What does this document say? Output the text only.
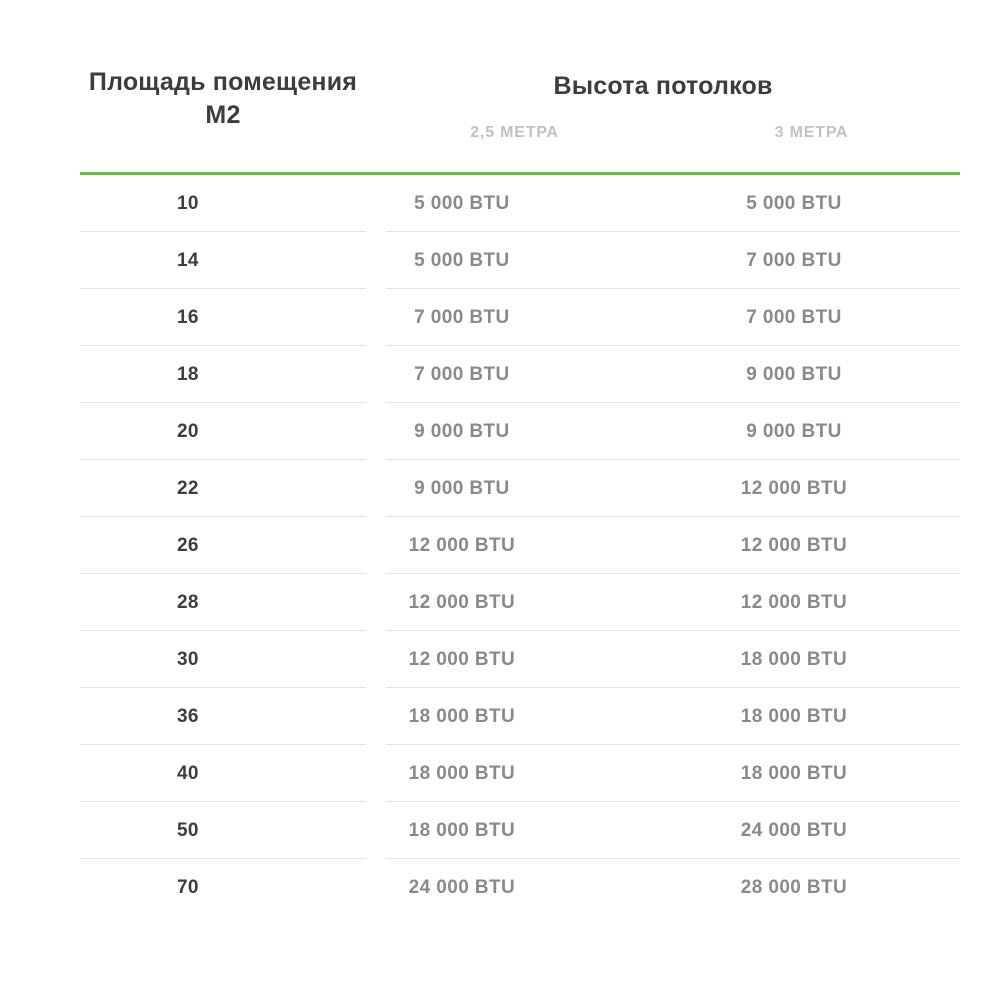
Площадь помещения М2
Высота потолков
2,5 МЕТРА	3 МЕТРА
10	5 000 BTU	5 000 BTU
14	5 000 BTU	7 000 BTU
16	7 000 BTU	7 000 BTU
18	7 000 BTU	9 000 BTU
20	9 000 BTU	9 000 BTU
22	9 000 BTU	12 000 BTU
26	12 000 BTU	12 000 BTU
28	12 000 BTU	12 000 BTU
30	12 000 BTU	18 000 BTU
36	18 000 BTU	18 000 BTU
40	18 000 BTU	18 000 BTU
50	18 000 BTU	24 000 BTU
70	24 000 BTU	28 000 BTU
